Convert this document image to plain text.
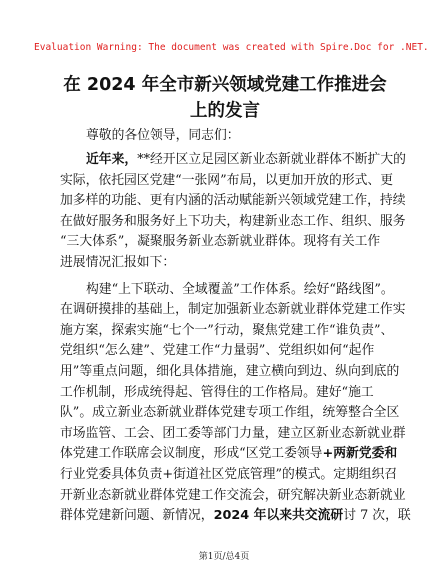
Evaluation Warning: The document was created with Spire.Doc for .NET.
在 2024 年全市新兴领域党建工作推进会上的发言
尊敬的各位领导，同志们：
近年来，**经开区立足园区新业态新就业群体不断扩大的
实际，依托园区党建“一张网”布局，以更加开放的形式、更
加多样的功能、更有内涵的活动赋能新兴领域党建工作，持续
在做好服务和服务好上下功夫，构建新业态工作、组织、服务
“三大体系”，凝聚服务新业态新就业群体。现将有关工作
进展情况汇报如下：
构建“上下联动、全域覆盖”工作体系。绘好“路线图”。
在调研摸排的基础上，制定加强新业态新就业群体党建工作实
施方案，探索实施“七个一”行动，聚焦党建工作“谁负责”、
党组织“怎么建”、党建工作“力量弱”、党组织如何“起作
用”等重点问题，细化具体措施，建立横向到边、纵向到底的
工作机制，形成统得起、管得住的工作格局。建好“施工
队”。成立新业态新就业群体党建专项工作组，统筹整合全区
市场监管、工会、团工委等部门力量，建立区新业态新就业群
体党建工作联席会议制度，形成“区党工委领导+两新党委和
行业党委具体负责+街道社区党底管理”的模式。定期组织召
开新业态新就业群体党建工作交流会，研究解决新业态新就业
群体党建新问题、新情况，2024 年以来共交流研讨 7 次，联
第1页/总4页
